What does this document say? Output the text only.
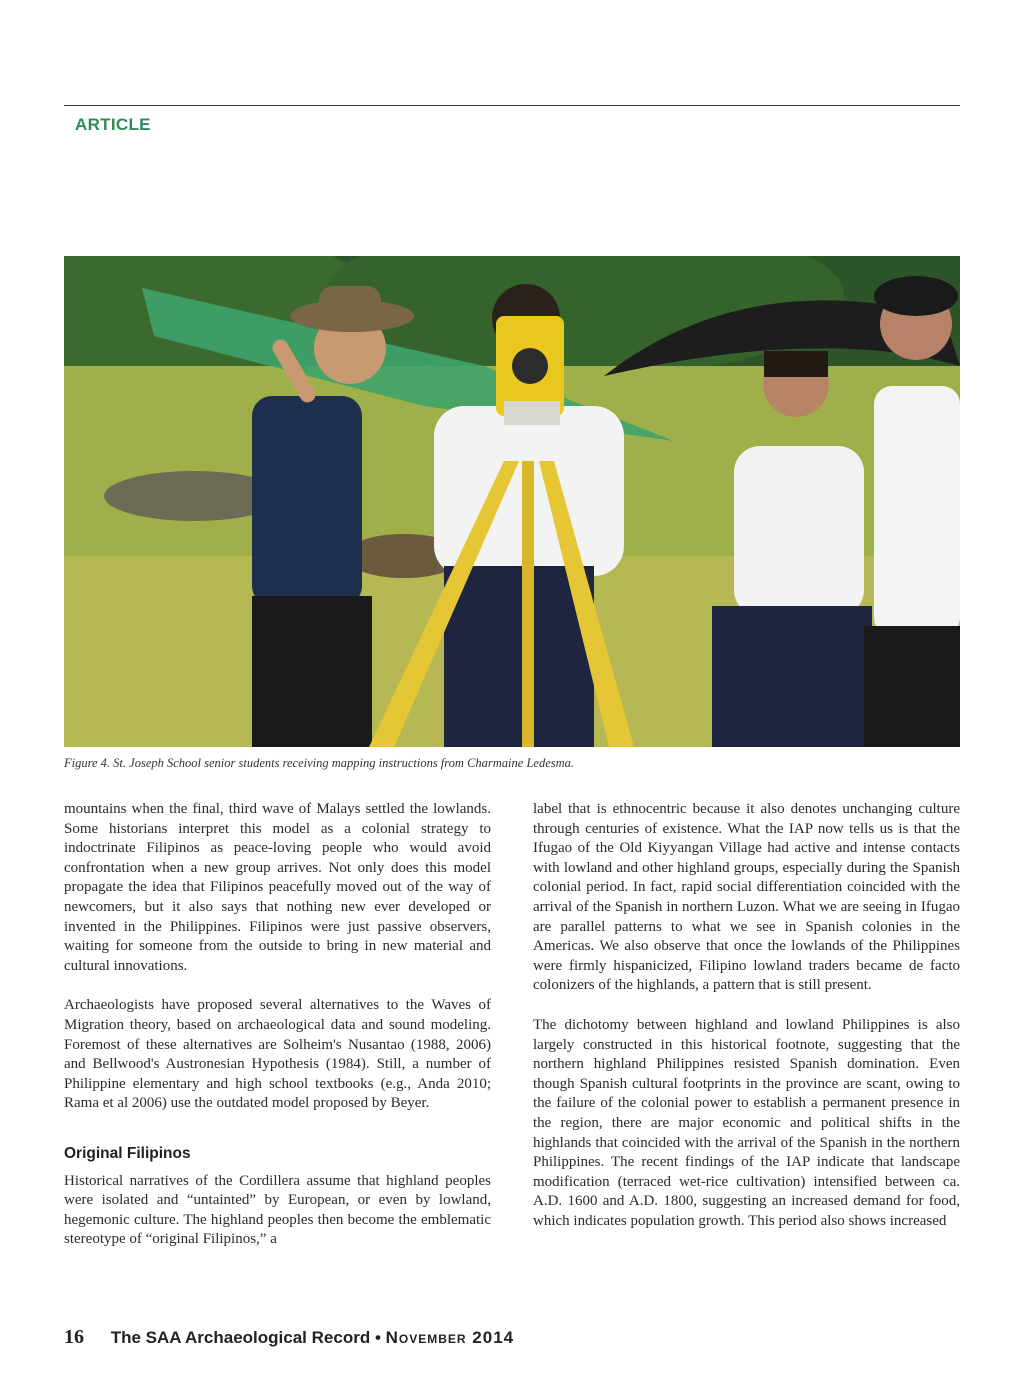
ARTICLE
Figure 4. St. Joseph School senior students receiving mapping instructions from Charmaine Ledesma.

mountains when the final, third wave of Malays settled the lowlands. Some historians interpret this model as a colonial strategy to indoctrinate Filipinos as peace-loving people who would avoid confrontation when a new group arrives. Not only does this model propagate the idea that Filipinos peacefully moved out of the way of newcomers, but it also says that nothing new ever developed or invented in the Philippines. Filipinos were just passive observers, waiting for someone from the outside to bring in new material and cultural innovations.

Archaeologists have proposed several alternatives to the Waves of Migration theory, based on archaeological data and sound modeling. Foremost of these alternatives are Solheim's Nusantao (1988, 2006) and Bellwood's Austronesian Hypothesis (1984). Still, a number of Philippine elementary and high school textbooks (e.g., Anda 2010; Rama et al 2006) use the outdated model proposed by Beyer.

Original Filipinos

Historical narratives of the Cordillera assume that highland peoples were isolated and “untainted” by European, or even by lowland, hegemonic culture. The highland peoples then become the emblematic stereotype of “original Filipinos,” a

label that is ethnocentric because it also denotes unchanging culture through centuries of existence. What the IAP now tells us is that the Ifugao of the Old Kiyyangan Village had active and intense contacts with lowland and other highland groups, especially during the Spanish colonial period. In fact, rapid social differentiation coincided with the arrival of the Spanish in northern Luzon. What we are seeing in Ifugao are parallel patterns to what we see in Spanish colonies in the Americas. We also observe that once the lowlands of the Philippines were firmly hispanicized, Filipino lowland traders became de facto colonizers of the highlands, a pattern that is still present.

The dichotomy between highland and lowland Philippines is also largely constructed in this historical footnote, suggesting that the northern highland Philippines resisted Spanish domination. Even though Spanish cultural footprints in the province are scant, owing to the failure of the colonial power to establish a permanent presence in the region, there are major economic and political shifts in the highlands that coincided with the arrival of the Spanish in the northern Philippines. The recent findings of the IAP indicate that landscape modification (terraced wet-rice cultivation) intensified between ca. A.D. 1600 and A.D. 1800, suggesting an increased demand for food, which indicates population growth. This period also shows increased

16 The SAA Archaeological Record • November 2014
